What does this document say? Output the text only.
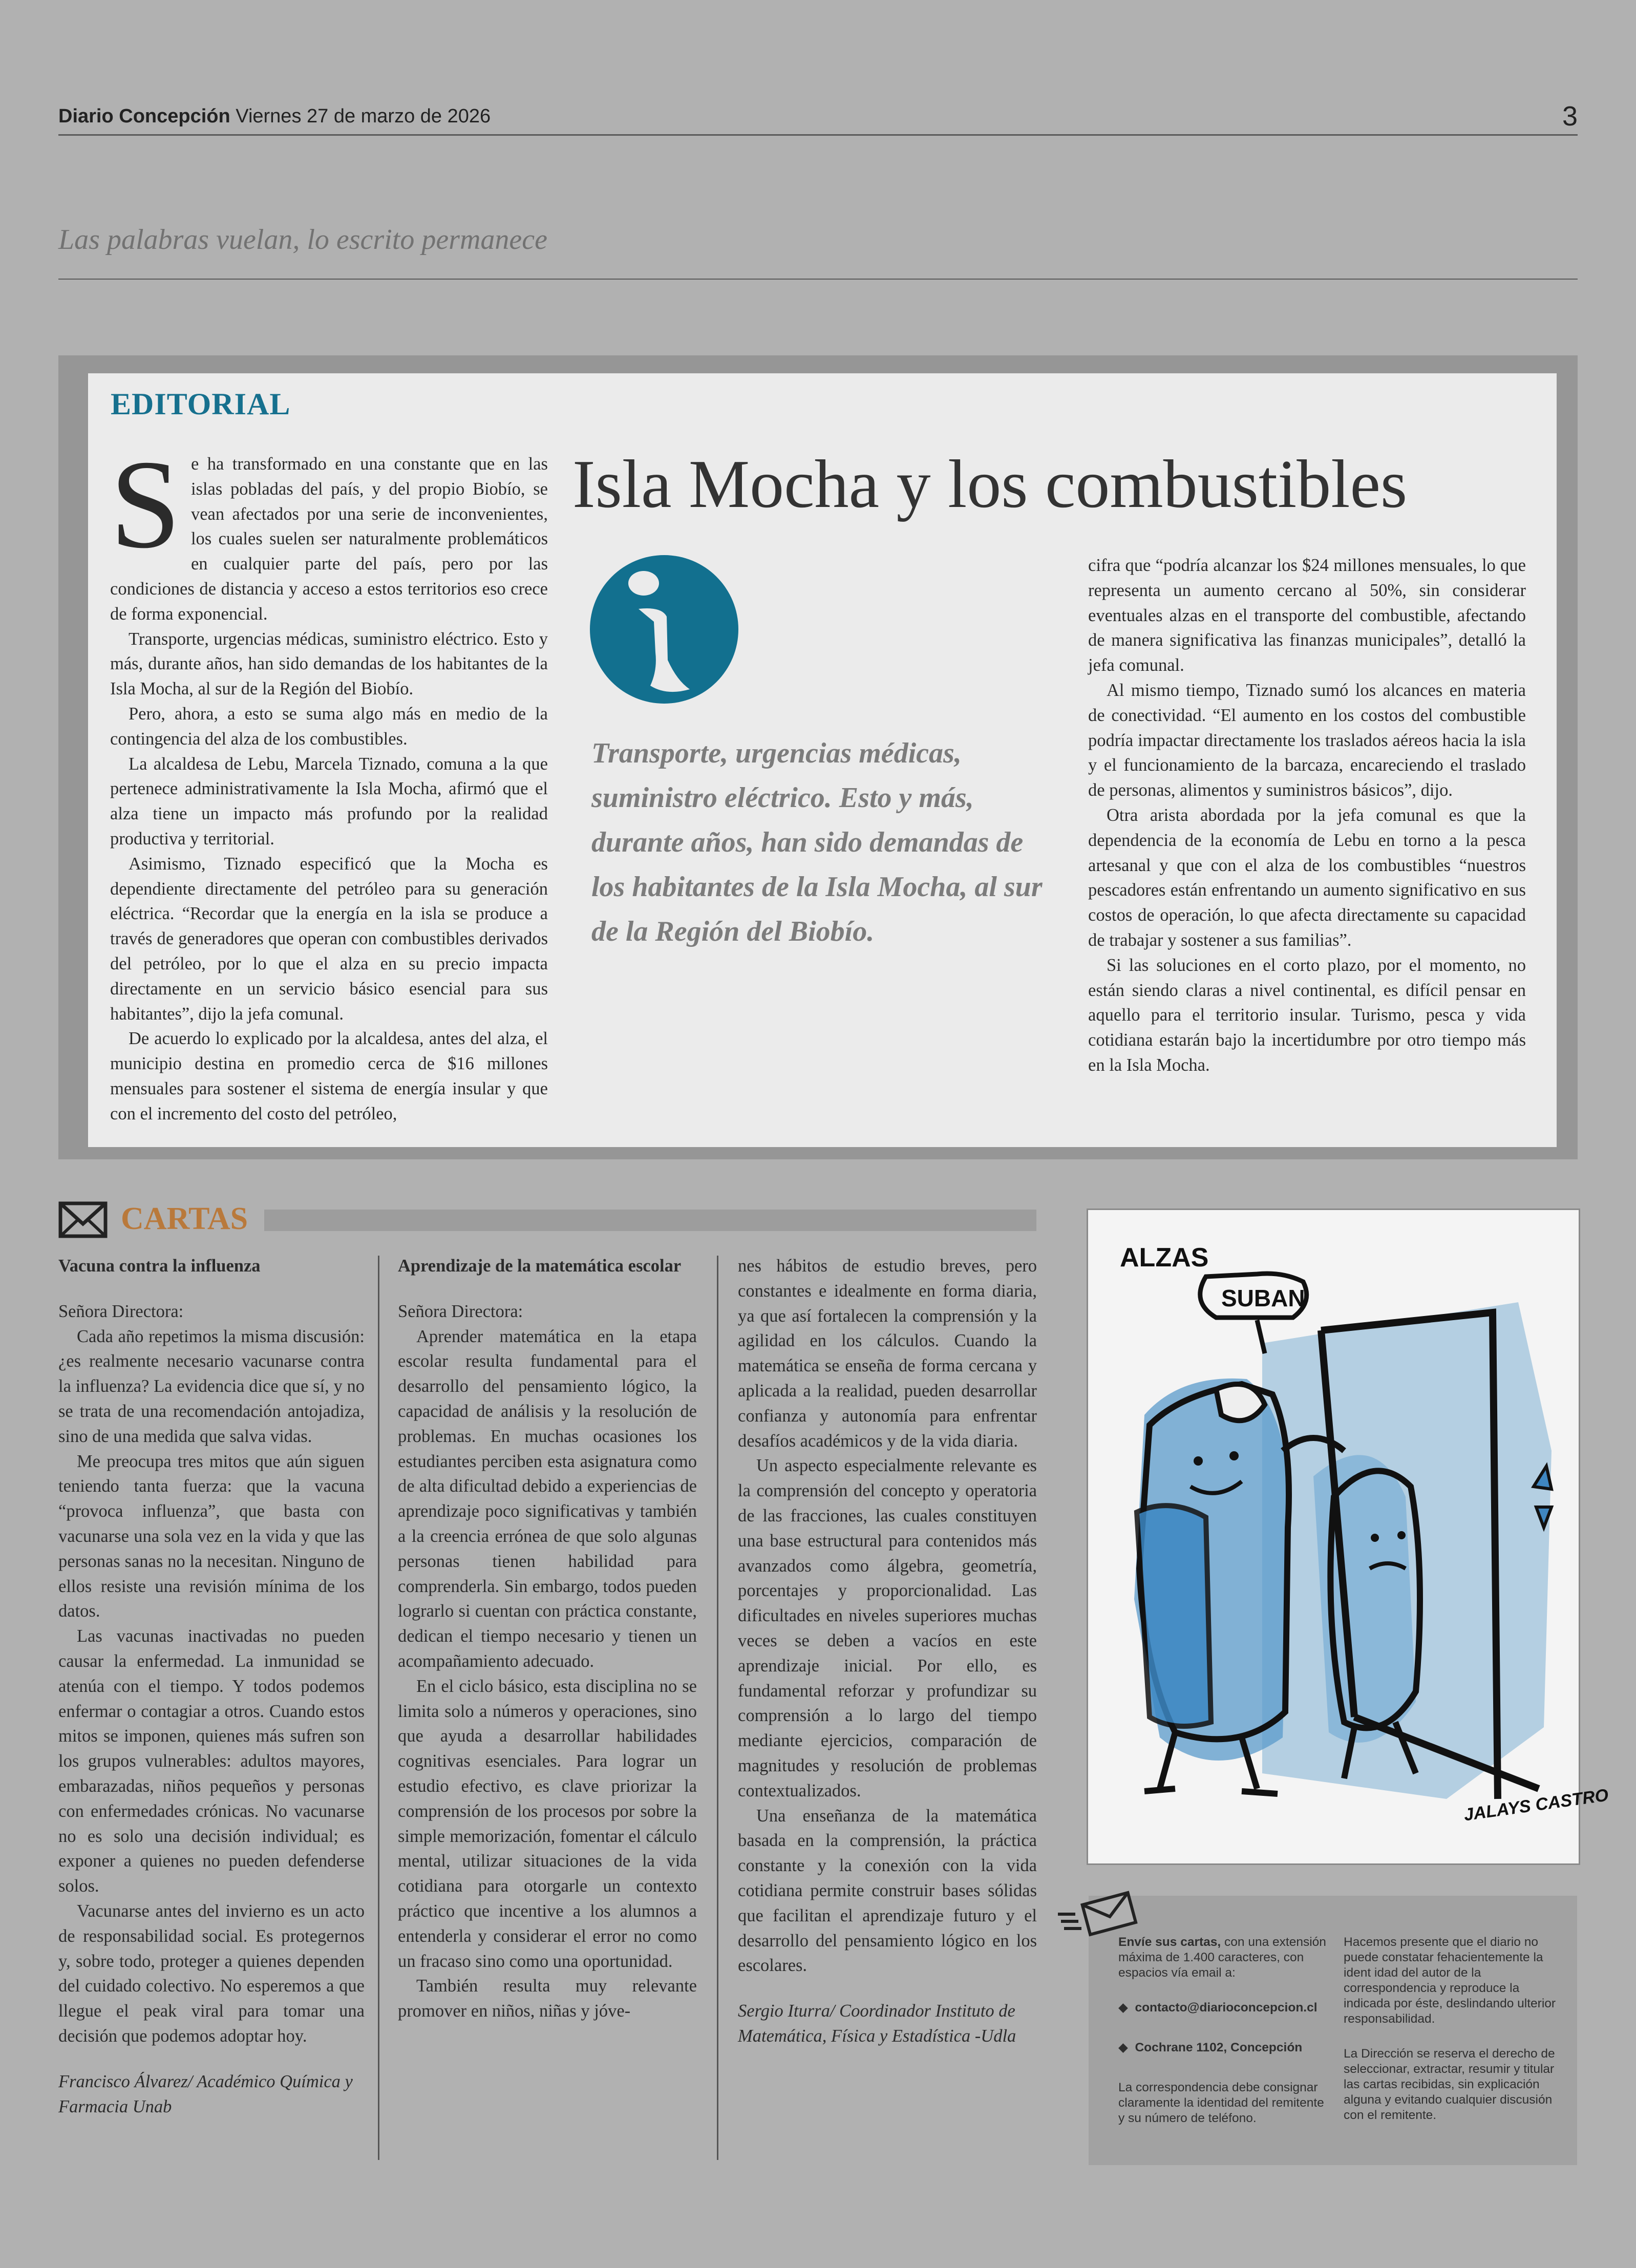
Diario Concepción Viernes 27 de marzo de 2026	3
Las palabras vuelan, lo escrito permanece
EDITORIAL
Isla Mocha y los combustibles

Se ha transformado en una constante que en las islas pobladas del país, y del propio Biobío, se vean afectados por una serie de inconvenientes, los cuales suelen ser naturalmente problemáticos en cualquier parte del país, pero por las condiciones de distancia y acceso a estos territorios eso crece de forma exponencial.

Transporte, urgencias médicas, suministro eléctrico. Esto y más, durante años, han sido demandas de los habitantes de la Isla Mocha, al sur de la Región del Biobío.

Pero, ahora, a esto se suma algo más en medio de la contingencia del alza de los combustibles.

La alcaldesa de Lebu, Marcela Tiznado, comuna a la que pertenece administrativamente la Isla Mocha, afirmó que el alza tiene un impacto más profundo por la realidad productiva y territorial.

Asimismo, Tiznado especificó que la Mocha es dependiente directamente del petróleo para su generación eléctrica. “Recordar que la energía en la isla se produce a través de generadores que operan con combustibles derivados del petróleo, por lo que el alza en su precio impacta directamente en un servicio básico esencial para sus habitantes”, dijo la jefa comunal.

De acuerdo lo explicado por la alcaldesa, antes del alza, el municipio destina en promedio cerca de $16 millones mensuales para sostener el sistema de energía insular y que con el incremento del costo del petróleo,

Transporte, urgencias médicas, suministro eléctrico. Esto y más, durante años, han sido demandas de los habitantes de la Isla Mocha, al sur de la Región del Biobío.

cifra que “podría alcanzar los $24 millones mensuales, lo que representa un aumento cercano al 50%, sin considerar eventuales alzas en el transporte del combustible, afectando de manera significativa las finanzas municipales”, detalló la jefa comunal.

Al mismo tiempo, Tiznado sumó los alcances en materia de conectividad. “El aumento en los costos del combustible podría impactar directamente los traslados aéreos hacia la isla y el funcionamiento de la barcaza, encareciendo el traslado de personas, alimentos y suministros básicos”, dijo.

Otra arista abordada por la jefa comunal es que la dependencia de la economía de Lebu en torno a la pesca artesanal y que con el alza de los combustibles “nuestros pescadores están enfrentando un aumento significativo en sus costos de operación, lo que afecta directamente su capacidad de trabajar y sostener a sus familias”.

Si las soluciones en el corto plazo, por el momento, no están siendo claras a nivel continental, es difícil pensar en aquello para el territorio insular. Turismo, pesca y vida cotidiana estarán bajo la incertidumbre por otro tiempo más en la Isla Mocha.

CARTAS

Vacuna contra la influenza

Señora Directora:

Cada año repetimos la misma discusión: ¿es realmente necesario vacunarse contra la influenza? La evidencia dice que sí, y no se trata de una recomendación antojadiza, sino de una medida que salva vidas.

Me preocupa tres mitos que aún siguen teniendo tanta fuerza: que la vacuna “provoca influenza”, que basta con vacunarse una sola vez en la vida y que las personas sanas no la necesitan. Ninguno de ellos resiste una revisión mínima de los datos.

Las vacunas inactivadas no pueden causar la enfermedad. La inmunidad se atenúa con el tiempo. Y todos podemos enfermar o contagiar a otros. Cuando estos mitos se imponen, quienes más sufren son los grupos vulnerables: adultos mayores, embarazadas, niños pequeños y personas con enfermedades crónicas. No vacunarse no es solo una decisión individual; es exponer a quienes no pueden defenderse solos.

Vacunarse antes del invierno es un acto de responsabilidad social. Es protegernos y, sobre todo, proteger a quienes dependen del cuidado colectivo. No esperemos a que llegue el peak viral para tomar una decisión que podemos adoptar hoy.

Francisco Álvarez/ Académico Química y Farmacia Unab

Aprendizaje de la matemática escolar

Señora Directora:

Aprender matemática en la etapa escolar resulta fundamental para el desarrollo del pensamiento lógico, la capacidad de análisis y la resolución de problemas. En muchas ocasiones los estudiantes perciben esta asignatura como de alta dificultad debido a experiencias de aprendizaje poco significativas y también a la creencia errónea de que solo algunas personas tienen habilidad para comprenderla. Sin embargo, todos pueden lograrlo si cuentan con práctica constante, dedican el tiempo necesario y tienen un acompañamiento adecuado.

En el ciclo básico, esta disciplina no se limita solo a números y operaciones, sino que ayuda a desarrollar habilidades cognitivas esenciales. Para lograr un estudio efectivo, es clave priorizar la comprensión de los procesos por sobre la simple memorización, fomentar el cálculo mental, utilizar situaciones de la vida cotidiana para otorgarle un contexto práctico que incentive a los alumnos a entenderla y considerar el error no como un fracaso sino como una oportunidad.

También resulta muy relevante promover en niños, niñas y jóve-

nes hábitos de estudio breves, pero constantes e idealmente en forma diaria, ya que así fortalecen la comprensión y la agilidad en los cálculos. Cuando la matemática se enseña de forma cercana y aplicada a la realidad, pueden desarrollar confianza y autonomía para enfrentar desafíos académicos y de la vida diaria.

Un aspecto especialmente relevante es la comprensión del concepto y operatoria de las fracciones, las cuales constituyen una base estructural para contenidos más avanzados como álgebra, geometría, porcentajes y proporcionalidad. Las dificultades en niveles superiores muchas veces se deben a vacíos en este aprendizaje inicial. Por ello, es fundamental reforzar y profundizar su comprensión a lo largo del tiempo mediante ejercicios, comparación de magnitudes y resolución de problemas contextualizados.

Una enseñanza de la matemática basada en la comprensión, la práctica constante y la conexión con la vida cotidiana permite construir bases sólidas que facilitan el aprendizaje futuro y el desarrollo del pensamiento lógico en los escolares.

Sergio Iturra/ Coordinador Instituto de Matemática, Física y Estadística -Udla

ALZAS
SUBAN
JALAYS CASTRO

Envíe sus cartas, con una extensión máxima de 1.400 caracteres, con espacios vía email a:

◆  contacto@diarioconcepcion.cl

◆  Cochrane 1102, Concepción

La correspondencia debe consignar claramente la identidad del remitente y su número de teléfono.

Hacemos presente que el diario no puede constatar fehacientemente la ident idad del autor de la correspondencia y reproduce la indicada por éste, deslindando ulterior responsabilidad.

La Dirección se reserva el derecho de seleccionar, extractar, resumir y titular las cartas recibidas, sin explicación alguna y evitando cualquier discusión con el remitente.
